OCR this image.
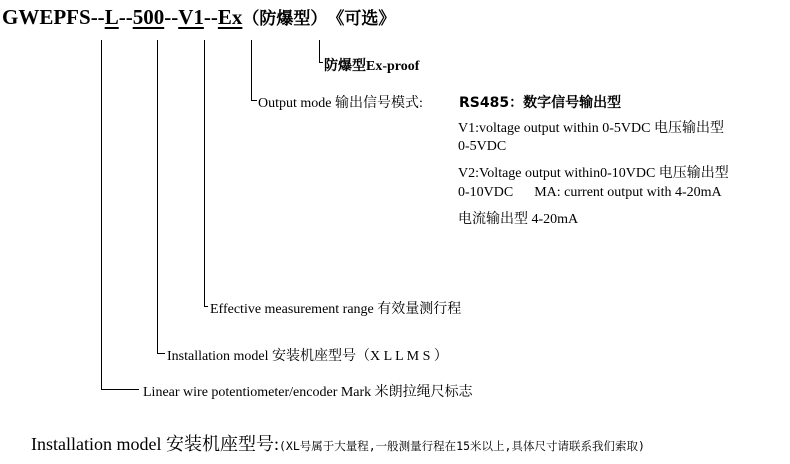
GWEPFS--L--500--V1--Ex（防爆型）《可选》
防爆型Ex-proof
Output mode 输出信号模式:	RS485：数字信号输出型
V1:voltage output within 0-5VDC 电压输出型
0-5VDC
V2:Voltage output within0-10VDC 电压输出型
0-10VDC      MA: current output with 4-20mA
电流输出型 4-20mA
Effective measurement range 有效量测行程
Installation model 安装机座型号（X L L M S ）
Linear wire potentiometer/encoder Mark 米朗拉绳尺标志
Installation model 安装机座型号:(XL号属于大量程,一般测量行程在15米以上,具体尺寸请联系我们索取)
